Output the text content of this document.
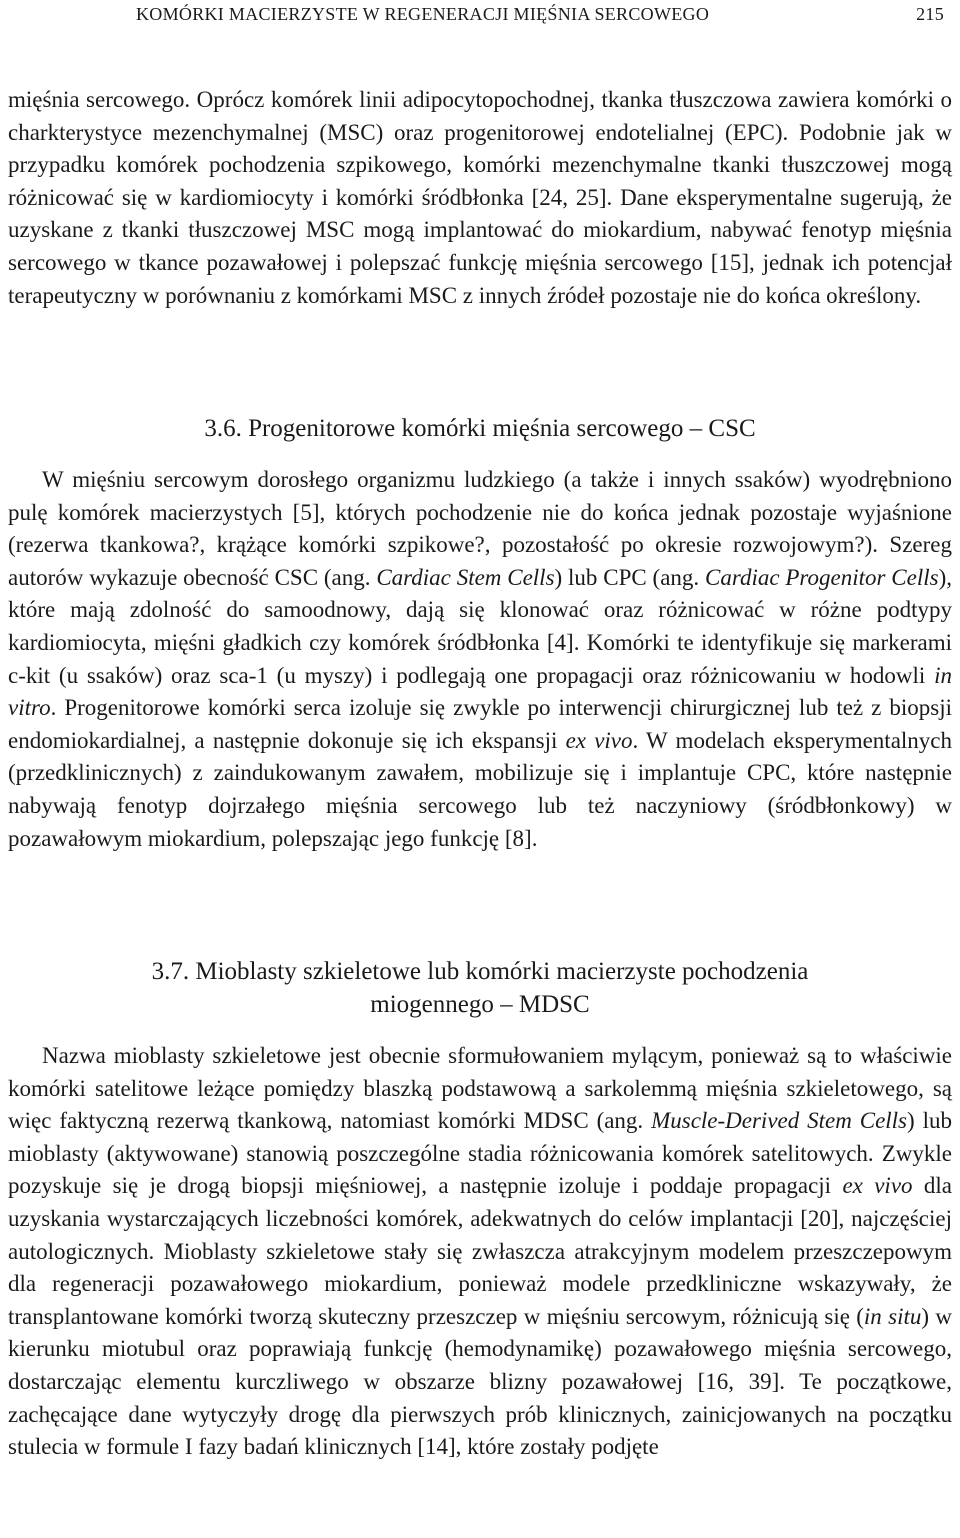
KOMÓRKI MACIERZYSTE W REGENERACJI MIĘŚNIA SERCOWEGO	215

mięśnia sercowego. Oprócz komórek linii adipocytopochodnej, tkanka tłuszczowa zawiera komórki o charkterystyce mezenchymalnej (MSC) oraz progenitorowej endotelialnej (EPC). Podobnie jak w przypadku komórek pochodzenia szpikowego, komórki mezenchymalne tkanki tłuszczowej mogą różnicować się w kardiomiocyty i komórki śródbłonka [24, 25]. Dane eksperymentalne sugerują, że uzyskane z tkanki tłuszczowej MSC mogą implantować do miokardium, nabywać fenotyp mięśnia sercowego w tkance pozawałowej i polepszać funkcję mięśnia sercowego [15], jednak ich potencjał terapeutyczny w porównaniu z komórkami MSC z innych źródeł pozostaje nie do końca określony.

3.6. Progenitorowe komórki mięśnia sercowego – CSC

W mięśniu sercowym dorosłego organizmu ludzkiego (a także i innych ssaków) wyodrębniono pulę komórek macierzystych [5], których pochodzenie nie do końca jednak pozostaje wyjaśnione (rezerwa tkankowa?, krążące komórki szpikowe?, pozostałość po okresie rozwojowym?). Szereg autorów wykazuje obecność CSC (ang. Cardiac Stem Cells) lub CPC (ang. Cardiac Progenitor Cells), które mają zdolność do samoodnowy, dają się klonować oraz różnicować w różne podtypy kardiomiocyta, mięśni gładkich czy komórek śródbłonka [4]. Komórki te identyfikuje się markerami c-kit (u ssaków) oraz sca-1 (u myszy) i podlegają one propagacji oraz różnicowaniu w hodowli in vitro. Progenitorowe komórki serca izoluje się zwykle po interwencji chirurgicznej lub też z biopsji endomiokardialnej, a następnie dokonuje się ich ekspansji ex vivo. W modelach eksperymentalnych (przedklinicznych) z zaindukowanym zawałem, mobilizuje się i implantuje CPC, które następnie nabywają fenotyp dojrzałego mięśnia sercowego lub też naczyniowy (śródbłonkowy) w pozawałowym miokardium, polepszając jego funkcję [8].

3.7. Mioblasty szkieletowe lub komórki macierzyste pochodzenia
miogennego – MDSC

Nazwa mioblasty szkieletowe jest obecnie sformułowaniem mylącym, ponieważ są to właściwie komórki satelitowe leżące pomiędzy blaszką podstawową a sarkolemmą mięśnia szkieletowego, są więc faktyczną rezerwą tkankową, natomiast komórki MDSC (ang. Muscle-Derived Stem Cells) lub mioblasty (aktywowane) stanowią poszczególne stadia różnicowania komórek satelitowych. Zwykle pozyskuje się je drogą biopsji mięśniowej, a następnie izoluje i poddaje propagacji ex vivo dla uzyskania wystarczających liczebności komórek, adekwatnych do celów implantacji [20], najczęściej autologicznych. Mioblasty szkieletowe stały się zwłaszcza atrakcyjnym modelem przeszczepowym dla regeneracji pozawałowego miokardium, ponieważ modele przedkliniczne wskazywały, że transplantowane komórki tworzą skuteczny przeszczep w mięśniu sercowym, różnicują się (in situ) w kierunku miotubul oraz poprawiają funkcję (hemodynamikę) pozawałowego mięśnia sercowego, dostarczając elementu kurczliwego w obszarze blizny pozawałowej [16, 39]. Te początkowe, zachęcające dane wytyczyły drogę dla pierwszych prób klinicznych, zainicjowanych na początku stulecia w formule I fazy badań klinicznych [14], które zostały podjęte
